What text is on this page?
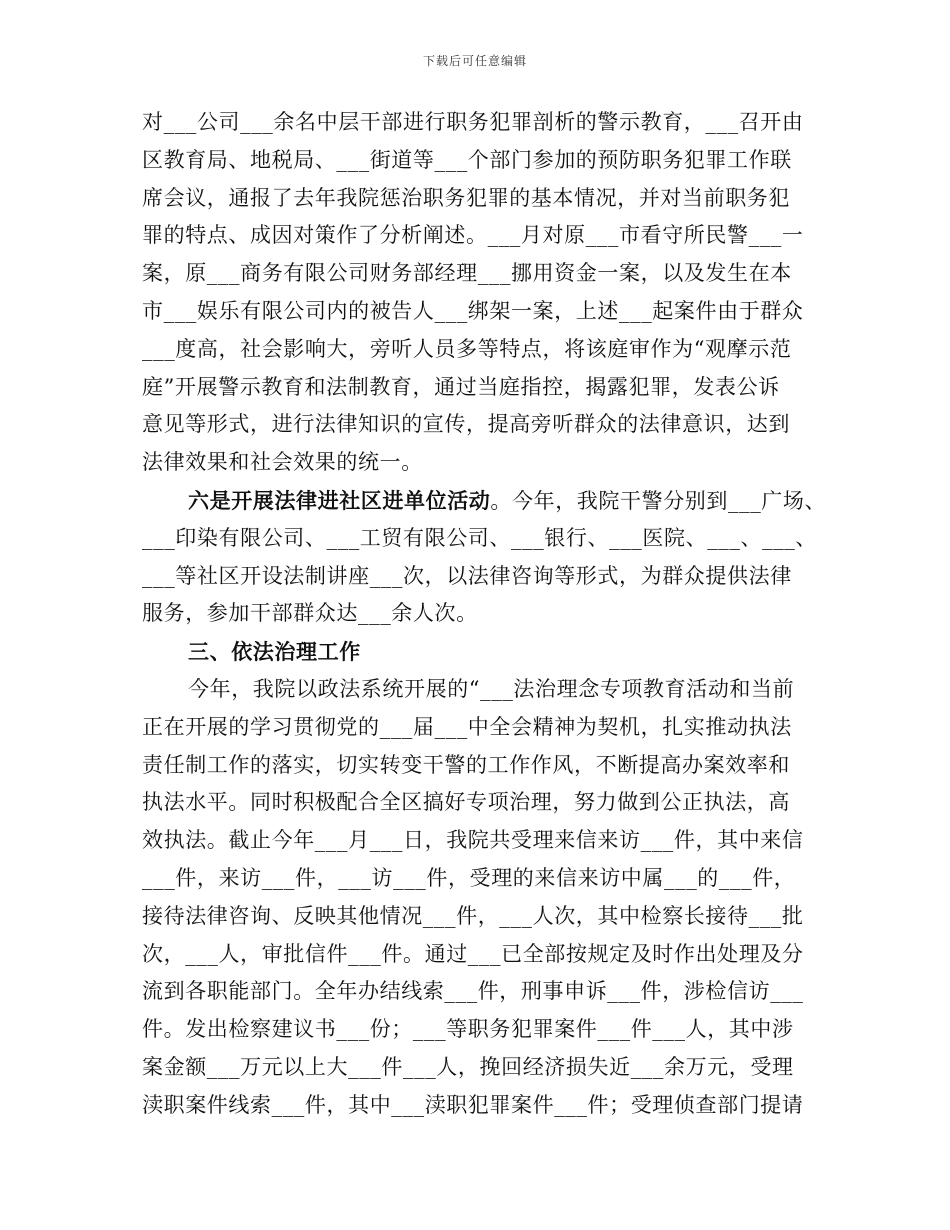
下载后可任意编辑
对___公司___余名中层干部进行职务犯罪剖析的警示教育，___召开由
区教育局、地税局、___街道等___个部门参加的预防职务犯罪工作联
席会议，通报了去年我院惩治职务犯罪的基本情况，并对当前职务犯
罪的特点、成因对策作了分析阐述。___月对原___市看守所民警___一
案，原___商务有限公司财务部经理___挪用资金一案，以及发生在本
市___娱乐有限公司内的被告人___绑架一案，上述___起案件由于群众
___度高，社会影响大，旁听人员多等特点，将该庭审作为“观摩示范
庭”开展警示教育和法制教育，通过当庭指控，揭露犯罪，发表公诉
意见等形式，进行法律知识的宣传，提高旁听群众的法律意识，达到
法律效果和社会效果的统一。
六是开展法律进社区进单位活动。今年，我院干警分别到___广场、
___印染有限公司、___工贸有限公司、___银行、___医院、___、___、
___等社区开设法制讲座___次，以法律咨询等形式，为群众提供法律
服务，参加干部群众达___余人次。
三、依法治理工作
今年，我院以政法系统开展的“___法治理念专项教育活动和当前
正在开展的学习贯彻党的___届___中全会精神为契机，扎实推动执法
责任制工作的落实，切实转变干警的工作作风，不断提高办案效率和
执法水平。同时积极配合全区搞好专项治理，努力做到公正执法，高
效执法。截止今年___月___日，我院共受理来信来访___件，其中来信
___件，来访___件，___访___件，受理的来信来访中属___的___件，
接待法律咨询、反映其他情况___件，___人次，其中检察长接待___批
次，___人，审批信件___件。通过___已全部按规定及时作出处理及分
流到各职能部门。全年办结线索___件，刑事申诉___件，涉检信访___
件。发出检察建议书___份；___等职务犯罪案件___件___人，其中涉
案金额___万元以上大___件___人，挽回经济损失近___余万元，受理
渎职案件线索___件，其中___渎职犯罪案件___件；受理侦查部门提请
